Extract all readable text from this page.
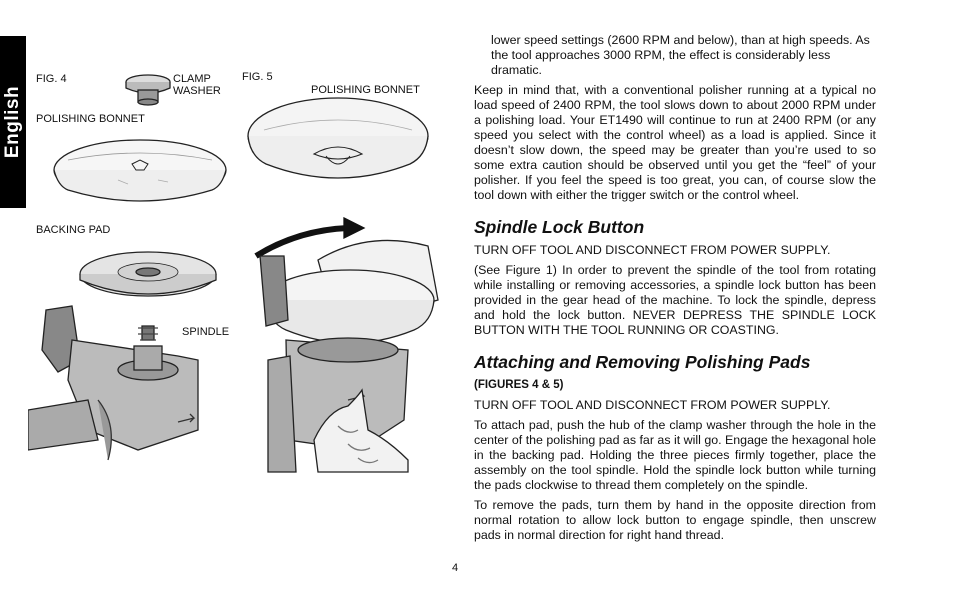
English
FIG. 4	CLAMP
WASHER
POLISHING BONNET
BACKING PAD
SPINDLE
FIG. 5
POLISHING BONNET

lower speed settings (2600 RPM and below), than at high speeds. As the tool approaches 3000 RPM, the effect is considerably less dramatic.

Keep in mind that, with a conventional polisher running at a typical no load speed of 2400 RPM, the tool slows down to about 2000 RPM under a polishing load. Your ET1490 will continue to run at 2400 RPM (or any speed you select with the control wheel) as a load is applied. Since it doesn’t slow down, the speed may be greater than you’re used to so some extra caution should be observed until you get the “feel” of your polisher. If you feel the speed is too great, you can, of course slow the tool down with either the trigger switch or the control wheel.

Spindle Lock Button

TURN OFF TOOL AND DISCONNECT FROM POWER SUPPLY.

(See Figure 1) In order to prevent the spindle of the tool from rotating while installing or removing accessories, a spindle lock button has been provided in the gear head of the machine. To lock the spindle, depress and hold the lock button. NEVER DEPRESS THE SPINDLE LOCK BUTTON WITH THE TOOL RUNNING OR COASTING.

Attaching and Removing Polishing Pads

(FIGURES 4 & 5)

TURN OFF TOOL AND DISCONNECT FROM POWER SUPPLY.

To attach pad, push the hub of the clamp washer through the hole in the center of the polishing pad as far as it will go. Engage the hexagonal hole in the backing pad. Holding the three pieces firmly together, place the assembly on the tool spindle. Hold the spindle lock button while turning the pads clockwise to thread them completely on the spindle.

To remove the pads, turn them by hand in the opposite direction from normal rotation to allow lock button to engage spindle, then unscrew pads in normal direction for right hand thread.

4
